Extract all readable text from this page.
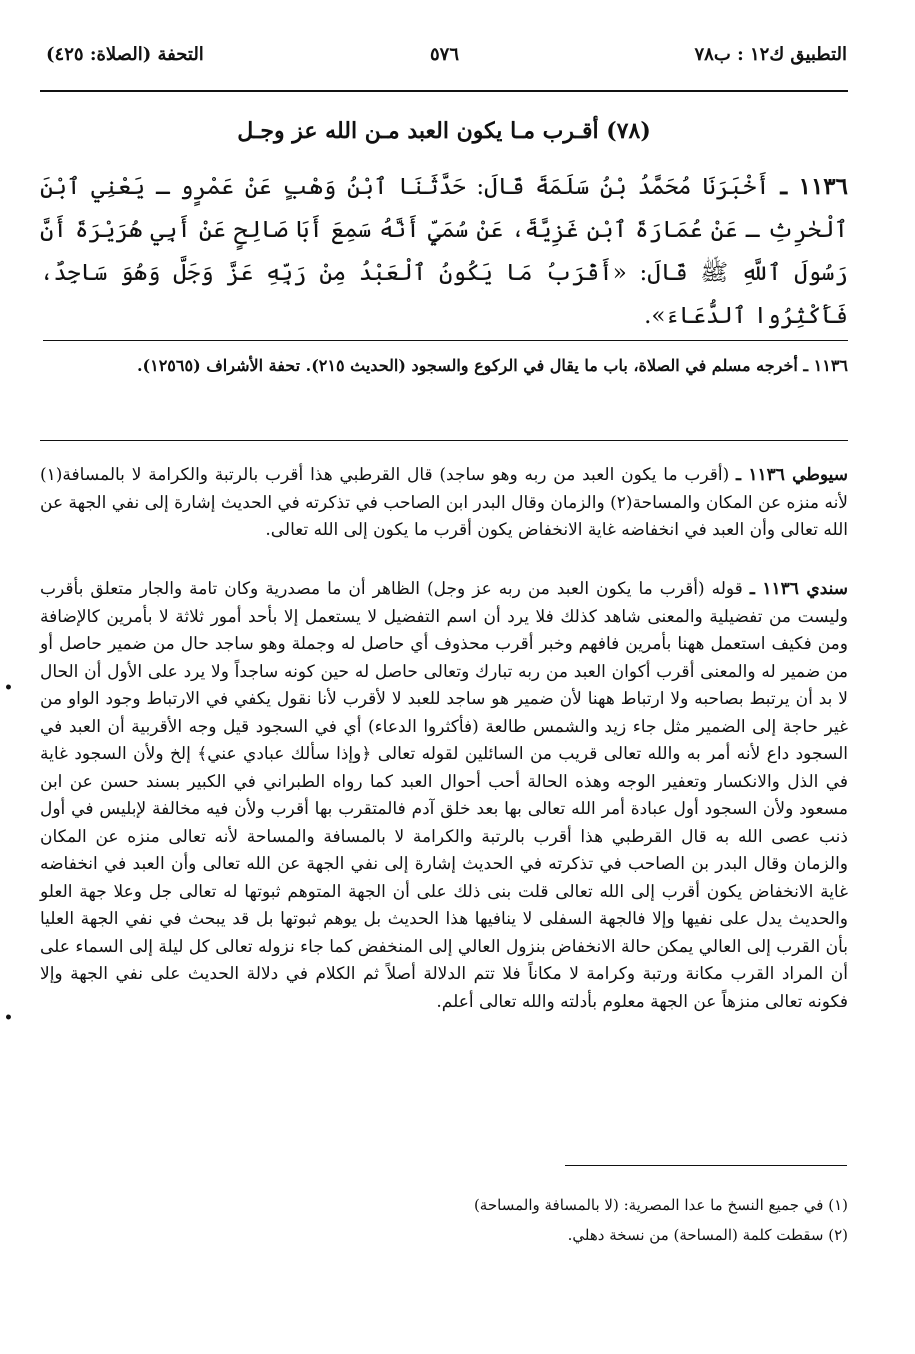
التطبيق ك١٢ : ب٧٨
٥٧٦
التحفة (الصلاة: ٤٢٥)
(٧٨) أقـرب مـا يكون العبد مـن الله عز وجـل

١١٣٦ ـ أَخْبَرَنَا مُحَمَّدُ بْنُ سَلَمَةَ قَالَ: حَدَّثَنَا ٱبْنُ وَهْبٍ عَنْ عَمْرٍو ـ يَعْنِي ٱبْنَ ٱلْحٰرِثِ ـ عَنْ عُمَارَةَ ٱبْنِ غَزِيَّةَ، عَنْ سُمَيٍّ أَنَّهُ سَمِعَ أَبَا صَالِحٍ عَنْ أَبِي هُرَيْرَةَ أَنَّ رَسُولَ ٱللَّهِ ﷺ قَالَ: «أَقْرَبُ مَا يَكُونُ ٱلْعَبْدُ مِنْ رَبِّهِ عَزَّ وَجَلَّ وَهُوَ سَاجِدٌ، فَأَكْثِرُوا ٱلدُّعَاءَ».

١١٣٦ ـ أخرجه مسلم في الصلاة، باب ما يقال في الركوع والسجود (الحديث ٢١٥). تحفة الأشراف (١٢٥٦٥).

سيوطي ١١٣٦ ـ (أقرب ما يكون العبد من ربه وهو ساجد) قال القرطبي هذا أقرب بالرتبة والكرامة لا بالمسافة(١) لأنه منزه عن المكان والمساحة(٢) والزمان وقال البدر ابن الصاحب في تذكرته في الحديث إشارة إلى نفي الجهة عن الله تعالى وأن العبد في انخفاضه غاية الانخفاض يكون أقرب ما يكون إلى الله تعالى.

سندي ١١٣٦ ـ قوله (أقرب ما يكون العبد من ربه عز وجل) الظاهر أن ما مصدرية وكان تامة والجار متعلق بأقرب وليست من تفضيلية والمعنى شاهد كذلك فلا يرد أن اسم التفضيل لا يستعمل إلا بأحد أمور ثلاثة لا بأمرين كالإضافة ومن فكيف استعمل ههنا بأمرين فافهم وخبر أقرب محذوف أي حاصل له وجملة وهو ساجد حال من ضمير حاصل أو من ضمير له والمعنى أقرب أكوان العبد من ربه تبارك وتعالى حاصل له حين كونه ساجداً ولا يرد على الأول أن الحال لا بد أن يرتبط بصاحبه ولا ارتباط ههنا لأن ضمير هو ساجد للعبد لا لأقرب لأنا نقول يكفي في الارتباط وجود الواو من غير حاجة إلى الضمير مثل جاء زيد والشمس طالعة (فأكثروا الدعاء) أي في السجود قيل وجه الأقربية أن العبد في السجود داع لأنه أمر به والله تعالى قريب من السائلين لقوله تعالى ﴿وإذا سألك عبادي عني﴾ إلخ ولأن السجود غاية في الذل والانكسار وتعفير الوجه وهذه الحالة أحب أحوال العبد كما رواه الطبراني في الكبير بسند حسن عن ابن مسعود ولأن السجود أول عبادة أمر الله تعالى بها بعد خلق آدم فالمتقرب بها أقرب ولأن فيه مخالفة لإبليس في أول ذنب عصى الله به قال القرطبي هذا أقرب بالرتبة والكرامة لا بالمسافة والمساحة لأنه تعالى منزه عن المكان والزمان وقال البدر بن الصاحب في تذكرته في الحديث إشارة إلى نفي الجهة عن الله تعالى وأن العبد في انخفاضه غاية الانخفاض يكون أقرب إلى الله تعالى قلت بنى ذلك على أن الجهة المتوهم ثبوتها له تعالى جل وعلا جهة العلو والحديث يدل على نفيها وإلا فالجهة السفلى لا ينافيها هذا الحديث بل يوهم ثبوتها بل قد يبحث في نفي الجهة العليا بأن القرب إلى العالي يمكن حالة الانخفاض بنزول العالي إلى المنخفض كما جاء نزوله تعالى كل ليلة إلى السماء على أن المراد القرب مكانة ورتبة وكرامة لا مكاناً فلا تتم الدلالة أصلاً ثم الكلام في دلالة الحديث على نفي الجهة وإلا فكونه تعالى منزهاً عن الجهة معلوم بأدلته والله تعالى أعلم.

(١) في جميع النسخ ما عدا المصرية: (لا بالمسافة والمساحة)
(٢) سقطت كلمة (المساحة) من نسخة دهلي.
•
•
